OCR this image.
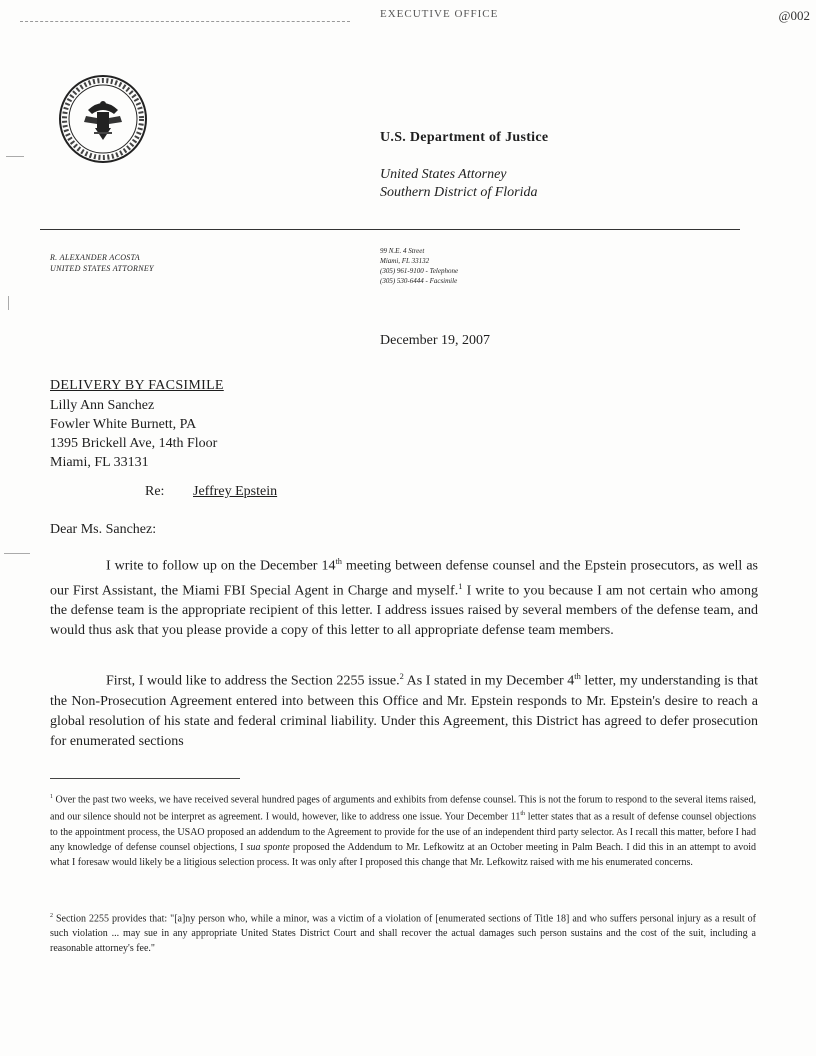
EXECUTIVE OFFICE	@002
U.S. Department of Justice
United States Attorney
Southern District of Florida
R. ALEXANDER ACOSTA
UNITED STATES ATTORNEY
99 N.E. 4 Street
Miami, FL 33132
(305) 961-9100 - Telephone
(305) 530-6444 - Facsimile
December 19, 2007
DELIVERY BY FACSIMILE
Lilly Ann Sanchez
Fowler White Burnett, PA
1395 Brickell Ave, 14th Floor
Miami, FL 33131
Re: Jeffrey Epstein
Dear Ms. Sanchez:
I write to follow up on the December 14th meeting between defense counsel and the Epstein prosecutors, as well as our First Assistant, the Miami FBI Special Agent in Charge and myself.$^1$ I write to you because I am not certain who among the defense team is the appropriate recipient of this letter. I address issues raised by several members of the defense team, and would thus ask that you please provide a copy of this letter to all appropriate defense team members.
First, I would like to address the Section 2255 issue.$^2$ As I stated in my December 4th letter, my understanding is that the Non-Prosecution Agreement entered into between this Office and Mr. Epstein responds to Mr. Epstein's desire to reach a global resolution of his state and federal criminal liability. Under this Agreement, this District has agreed to defer prosecution for enumerated sections
$^1$ Over the past two weeks, we have received several hundred pages of arguments and exhibits from defense counsel. This is not the forum to respond to the several items raised, and our silence should not be interpret as agreement. I would, however, like to address one issue. Your December 11th letter states that as a result of defense counsel objections to the appointment process, the USAO proposed an addendum to the Agreement to provide for the use of an independent third party selector. As I recall this matter, before I had any knowledge of defense counsel objections, I sua sponte proposed the Addendum to Mr. Lefkowitz at an October meeting in Palm Beach. I did this in an attempt to avoid what I foresaw would likely be a litigious selection process. It was only after I proposed this change that Mr. Lefkowitz raised with me his enumerated concerns.
$^2$ Section 2255 provides that: "[a]ny person who, while a minor, was a victim of a violation of [enumerated sections of Title 18] and who suffers personal injury as a result of such violation ... may sue in any appropriate United States District Court and shall recover the actual damages such person sustains and the cost of the suit, including a reasonable attorney's fee."
